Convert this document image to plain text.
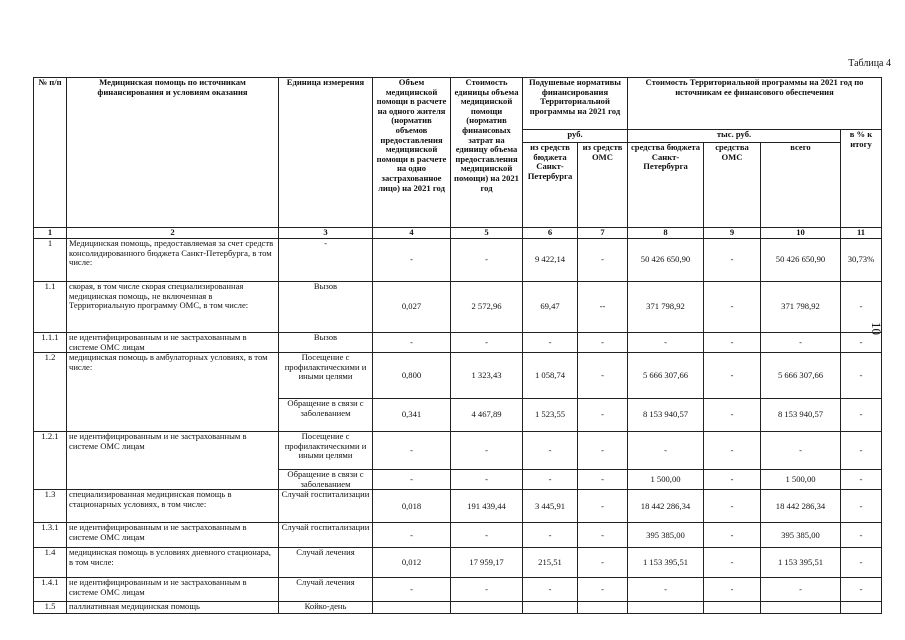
Таблица 4
10
№ п/п	Медицинская помощь по источникам финансирования и условиям оказания	Единица измерения	Объем медицинской помощи в расчете на одного жителя (норматив объемов предоставления медицинской помощи в расчете на одно застрахованное лицо) на 2021 год	Стоимость единицы объема медицинской помощи (норматив финансовых затрат на единицу объема предоставления медицинской помощи) на 2021 год	Подушевые нормативы финансирования Территориальной программы на 2021 год		Стоимость Территориальной программы на 2021 год по источникам ее финансового обеспечения			
					руб.		тыс. руб.			в % к итогу
					из средств бюджета Санкт-Петербурга	из средств ОМС	средства бюджета Санкт-Петербурга	средства ОМС	всего	
1	2	3	4	5	6	7	8	9	10	11
1	Медицинская помощь, предоставляемая за счет средств консолидированного бюджета Санкт-Петербурга, в том числе:	-	-	-	9 422,14	-	50 426 650,90	-	50 426 650,90	30,73%
1.1	скорая, в том числе скорая специализированная медицинская помощь, не включенная в Территориальную программу ОМС, в том числе:	Вызов	0,027	2 572,96	69,47	--	371 798,92	-	371 798,92	-
1.1.1	не идентифицированным и не застрахованным в системе ОМС лицам	Вызов	-	-	-	-	-	-	-	-
1.2	медицинская помощь в амбулаторных условиях, в том числе:	Посещение с профилактическими и иными целями	0,800	1 323,43	1 058,74	-	5 666 307,66	-	5 666 307,66	-
		Обращение в связи с заболеванием	0,341	4 467,89	1 523,55	-	8 153 940,57	-	8 153 940,57	-
1.2.1	не идентифицированным и не застрахованным в системе ОМС лицам	Посещение с профилактическими и иными целями	-	-	-	-	-	-	-	-
		Обращение в связи с заболеванием	-	-	-	-	1 500,00	-	1 500,00	-
1.3	специализированная медицинская помощь в стационарных условиях, в том числе:	Случай госпитализации	0,018	191 439,44	3 445,91	-	18 442 286,34	-	18 442 286,34	-
1.3.1	не идентифицированным и не застрахованным в системе ОМС лицам	Случай госпитализации	-	-	-	-	395 385,00	-	395 385,00	-
1.4	медицинская помощь в условиях дневного стационара, в том числе:	Случай лечения	0,012	17 959,17	215,51	-	1 153 395,51	-	1 153 395,51	-
1.4.1	не идентифицированным и не застрахованным в системе ОМС лицам	Случай лечения	-	-	-	-	-	-	-	-
1.5	паллиативная медицинская помощь	Койко-день								
